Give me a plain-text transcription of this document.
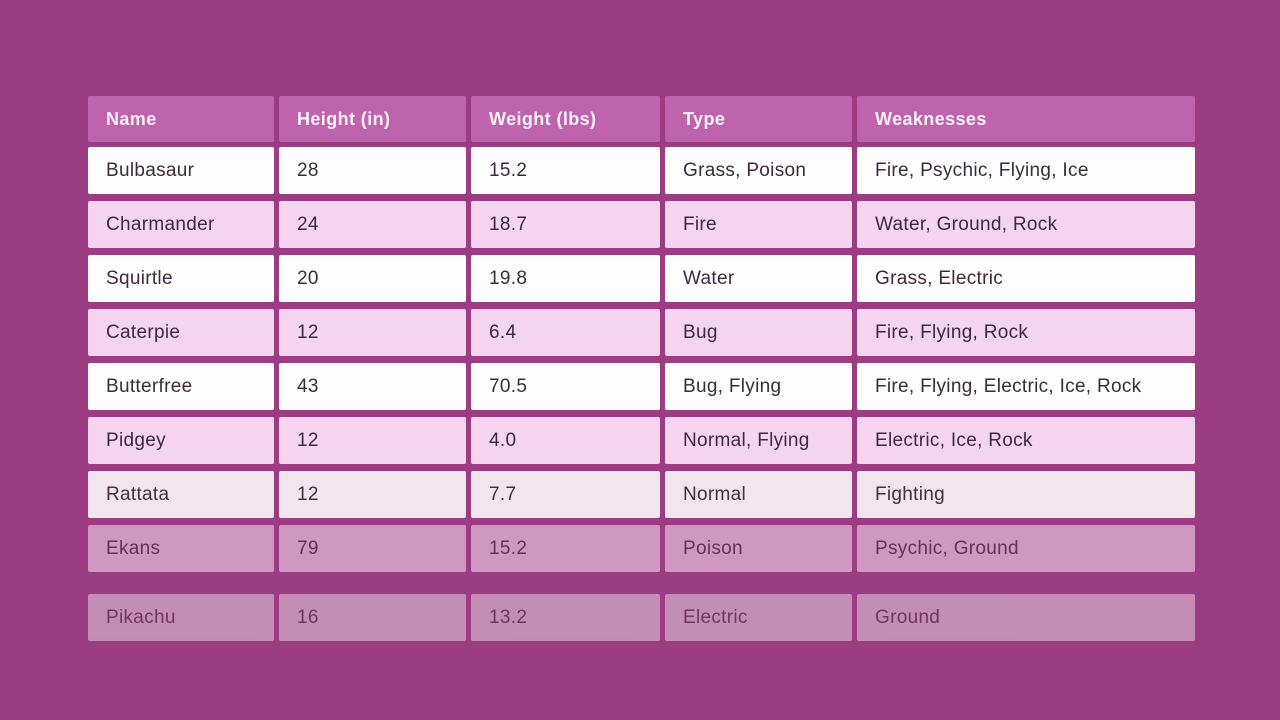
Name	Height (in)	Weight (lbs)	Type	Weaknesses
Bulbasaur	28	15.2	Grass, Poison	Fire, Psychic, Flying, Ice
Charmander	24	18.7	Fire	Water, Ground, Rock
Squirtle	20	19.8	Water	Grass, Electric
Caterpie	12	6.4	Bug	Fire, Flying, Rock
Butterfree	43	70.5	Bug, Flying	Fire, Flying, Electric, Ice, Rock
Pidgey	12	4.0	Normal, Flying	Electric, Ice, Rock
Rattata	12	7.7	Normal	Fighting
Ekans	79	15.2	Poison	Psychic, Ground
Pikachu	16	13.2	Electric	Ground
